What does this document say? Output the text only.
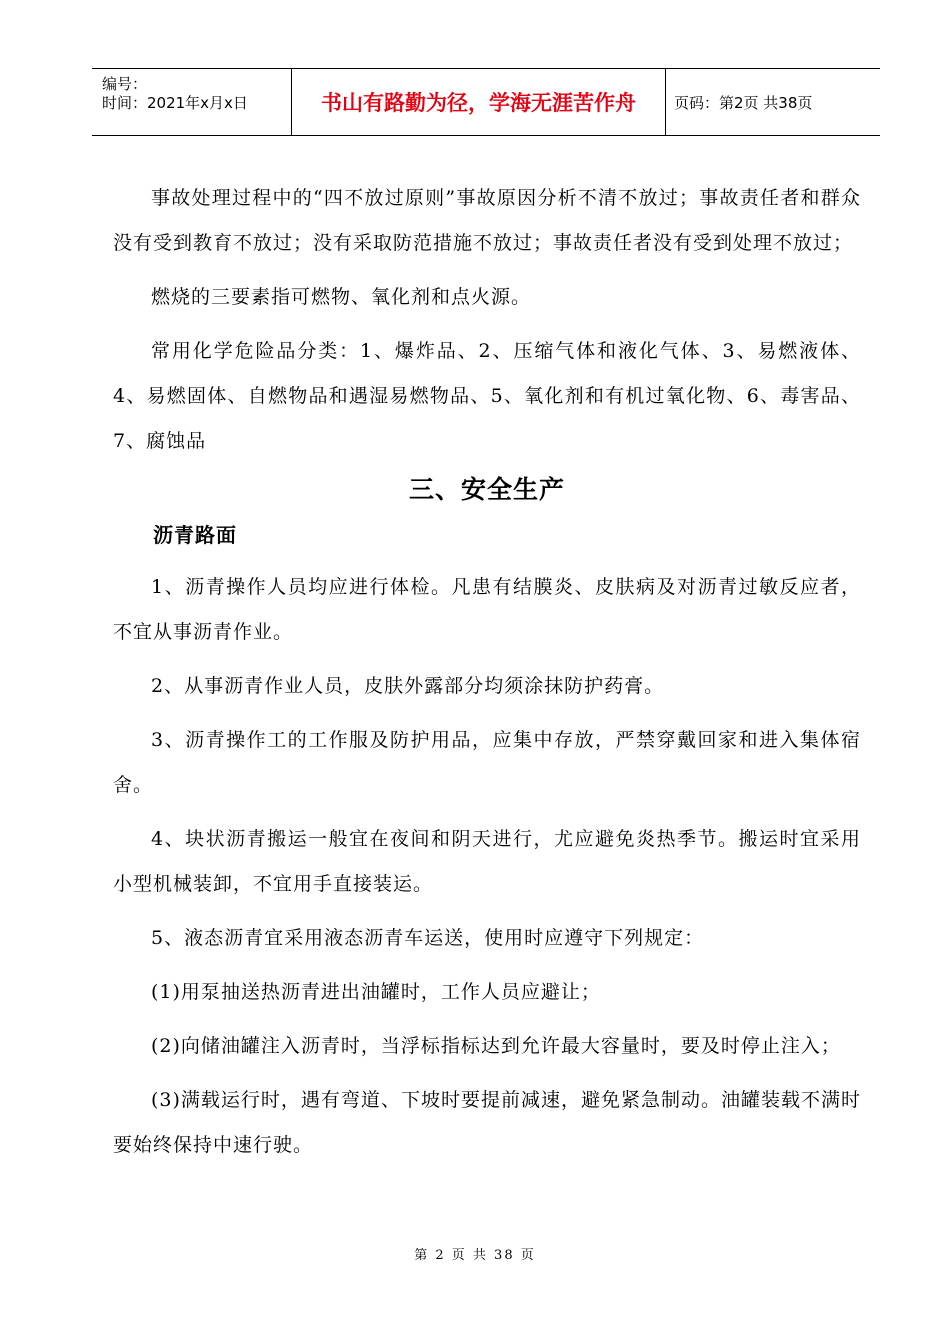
编号：
时间：2021年x月x日	书山有路勤为径，学海无涯苦作舟	页码：第2页 共38页

事故处理过程中的“四不放过原则”事故原因分析不清不放过；事故责任者和群众没有受到教育不放过；没有采取防范措施不放过；事故责任者没有受到处理不放过；

燃烧的三要素指可燃物、氧化剂和点火源。

常用化学危险品分类：1、爆炸品、2、压缩气体和液化气体、3、易燃液体、4、易燃固体、自燃物品和遇湿易燃物品、5、氧化剂和有机过氧化物、6、毒害品、7、腐蚀品

三、安全生产
沥青路面

1、沥青操作人员均应进行体检。凡患有结膜炎、皮肤病及对沥青过敏反应者，不宜从事沥青作业。

2、从事沥青作业人员，皮肤外露部分均须涂抹防护药膏。

3、沥青操作工的工作服及防护用品，应集中存放，严禁穿戴回家和进入集体宿舍。

4、块状沥青搬运一般宜在夜间和阴天进行，尤应避免炎热季节。搬运时宜采用小型机械装卸，不宜用手直接装运。

5、液态沥青宜采用液态沥青车运送，使用时应遵守下列规定：

(1)用泵抽送热沥青进出油罐时，工作人员应避让；

(2)向储油罐注入沥青时，当浮标指标达到允许最大容量时，要及时停止注入；

(3)满载运行时，遇有弯道、下坡时要提前减速，避免紧急制动。油罐装载不满时要始终保持中速行驶。

第 2 页 共 38 页
